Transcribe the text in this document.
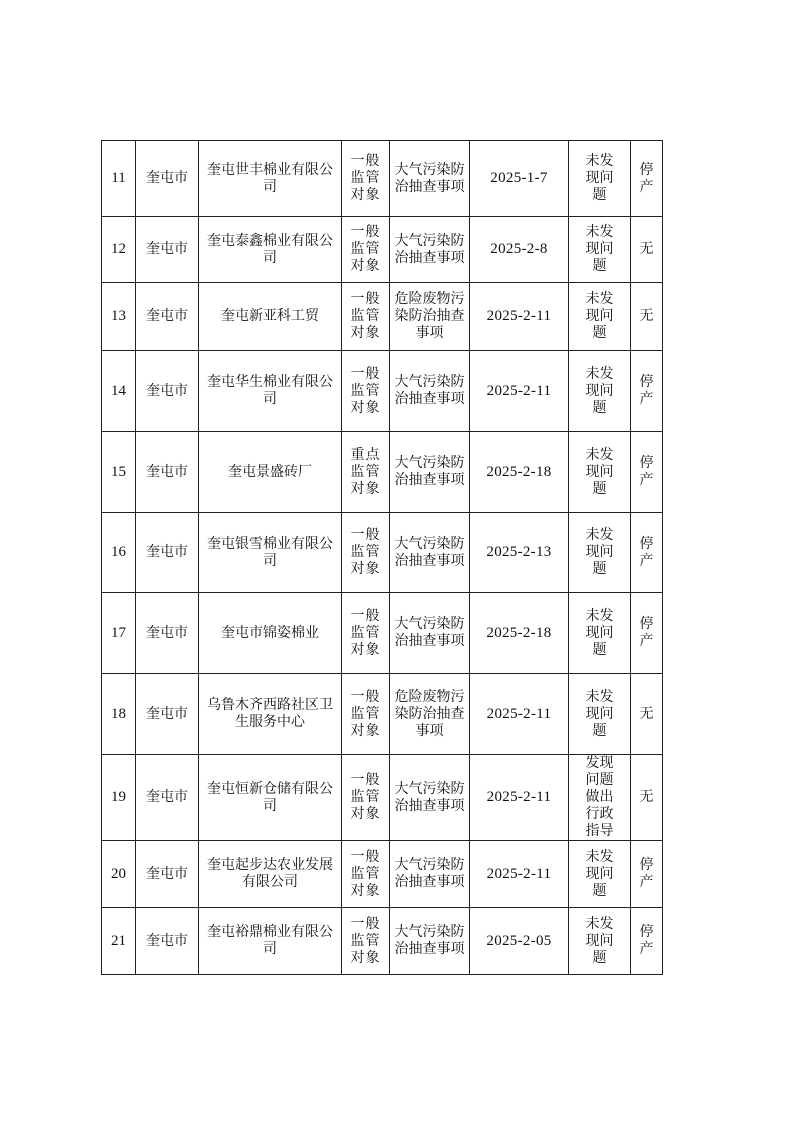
11	奎屯市	奎屯世丰棉业有限公司	一般监管对象	大气污染防治抽查事项	2025-1-7	未发现问题	停产
12	奎屯市	奎屯泰鑫棉业有限公司	一般监管对象	大气污染防治抽查事项	2025-2-8	未发现问题	无
13	奎屯市	奎屯新亚科工贸	一般监管对象	危险废物污染防治抽查事项	2025-2-11	未发现问题	无
14	奎屯市	奎屯华生棉业有限公司	一般监管对象	大气污染防治抽查事项	2025-2-11	未发现问题	停产
15	奎屯市	奎屯景盛砖厂	重点监管对象	大气污染防治抽查事项	2025-2-18	未发现问题	停产
16	奎屯市	奎屯银雪棉业有限公司	一般监管对象	大气污染防治抽查事项	2025-2-13	未发现问题	停产
17	奎屯市	奎屯市锦姿棉业	一般监管对象	大气污染防治抽查事项	2025-2-18	未发现问题	停产
18	奎屯市	乌鲁木齐西路社区卫生服务中心	一般监管对象	危险废物污染防治抽查事项	2025-2-11	未发现问题	无
19	奎屯市	奎屯恒新仓储有限公司	一般监管对象	大气污染防治抽查事项	2025-2-11	发现问题做出行政指导	无
20	奎屯市	奎屯起步达农业发展有限公司	一般监管对象	大气污染防治抽查事项	2025-2-11	未发现问题	停产
21	奎屯市	奎屯裕鼎棉业有限公司	一般监管对象	大气污染防治抽查事项	2025-2-05	未发现问题	停产
